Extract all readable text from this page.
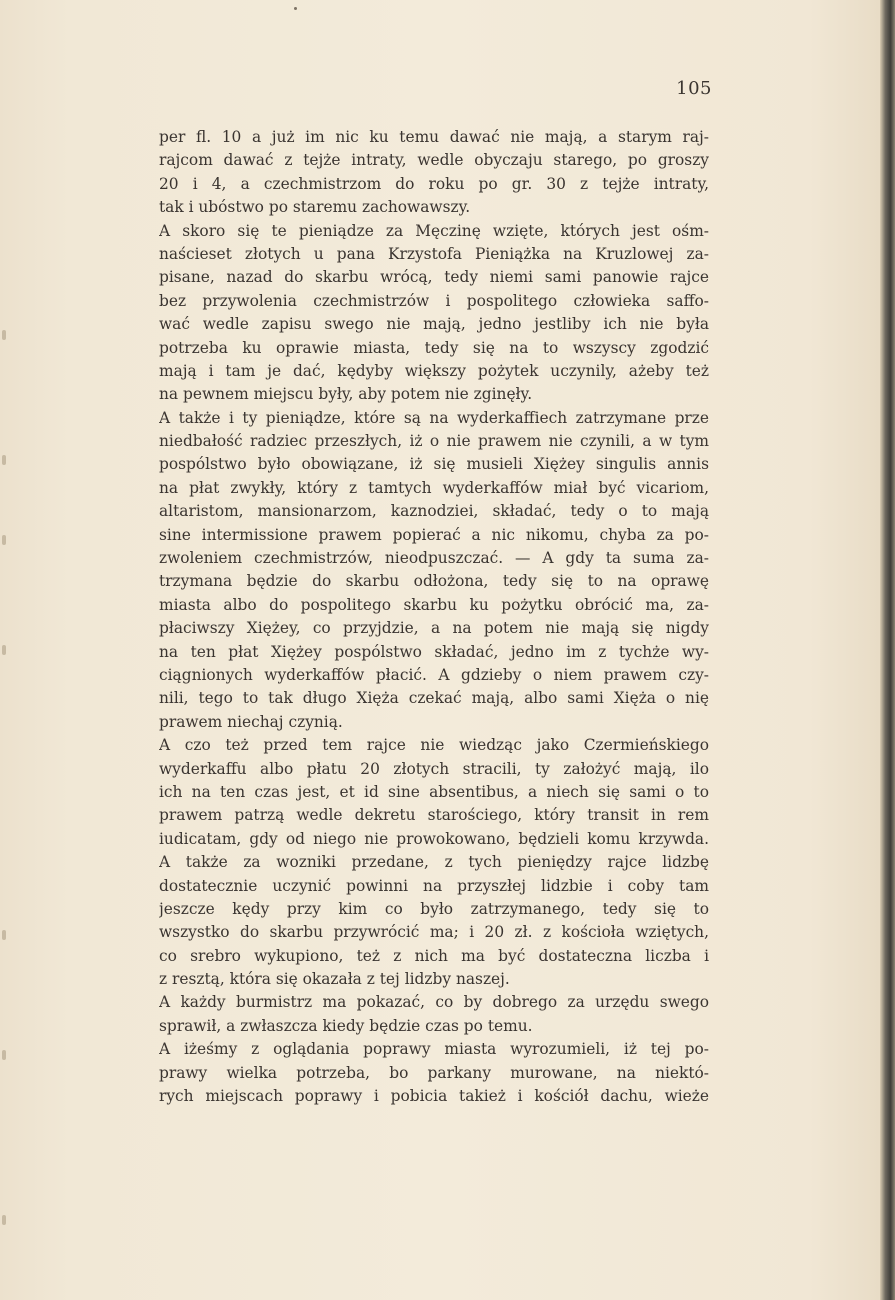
105
per fl. 10 a już im nic ku temu dawać nie mają, a starym raj-
rajcom dawać z tejże intraty, wedle obyczaju starego, po groszy
20 i 4, a czechmistrzom do roku po gr. 30 z tejże intraty,
tak i ubóstwo po staremu zachowawszy.
A skoro się te pieniądze za Męczinę wzięte, których jest ośm-
naścieset złotych u pana Krzystofa Pieniążka na Kruzlowej za-
pisane, nazad do skarbu wrócą, tedy niemi sami panowie rajce
bez przywolenia czechmistrzów i pospolitego człowieka saffo-
wać wedle zapisu swego nie mają, jedno jestliby ich nie była
potrzeba ku oprawie miasta, tedy się na to wszyscy zgodzić
mają i tam je dać, kędyby większy pożytek uczynily, ażeby też
na pewnem miejscu były, aby potem nie zginęły.
A także i ty pieniądze, które są na wyderkaffiech zatrzymane prze
niedbałość radziec przeszłych, iż o nie prawem nie czynili, a w tym
pospólstwo było obowiązane, iż się musieli Xiężey singulis annis
na płat zwykły, który z tamtych wyderkaffów miał być vicariom,
altaristom, mansionarzom, kaznodziei, składać, tedy o to mają
sine intermissione prawem popierać a nic nikomu, chyba za po-
zwoleniem czechmistrzów, nieodpuszczać. — A gdy ta suma za-
trzymana będzie do skarbu odłożona, tedy się to na oprawę
miasta albo do pospolitego skarbu ku pożytku obrócić ma, za-
płaciwszy Xiężey, co przyjdzie, a na potem nie mają się nigdy
na ten płat Xiężey pospólstwo składać, jedno im z tychże wy-
ciągnionych wyderkaffów płacić. A gdzieby o niem prawem czy-
nili, tego to tak długo Xięża czekać mają, albo sami Xięża o nię
prawem niechaj czynią.
A czo też przed tem rajce nie wiedząc jako Czermieńskiego
wyderkaffu albo płatu 20 złotych stracili, ty założyć mają, ilo
ich na ten czas jest, et id sine absentibus, a niech się sami o to
prawem patrzą wedle dekretu starościego, który transit in rem
iudicatam, gdy od niego nie prowokowano, będzieli komu krzywda.
A także za wozniki przedane, z tych pieniędzy rajce lidzbę
dostatecznie uczynić powinni na przyszłej lidzbie i coby tam
jeszcze kędy przy kim co było zatrzymanego, tedy się to
wszystko do skarbu przywrócić ma; i 20 zł. z kościoła wziętych,
co srebro wykupiono, też z nich ma być dostateczna liczba i
z resztą, która się okazała z tej lidzby naszej.
A każdy burmistrz ma pokazać, co by dobrego za urzędu swego
sprawił, a zwłaszcza kiedy będzie czas po temu.
A iżeśmy z oglądania poprawy miasta wyrozumieli, iż tej po-
prawy wielka potrzeba, bo parkany murowane, na niektó-
rych miejscach poprawy i pobicia takież i kościół dachu, wieże
